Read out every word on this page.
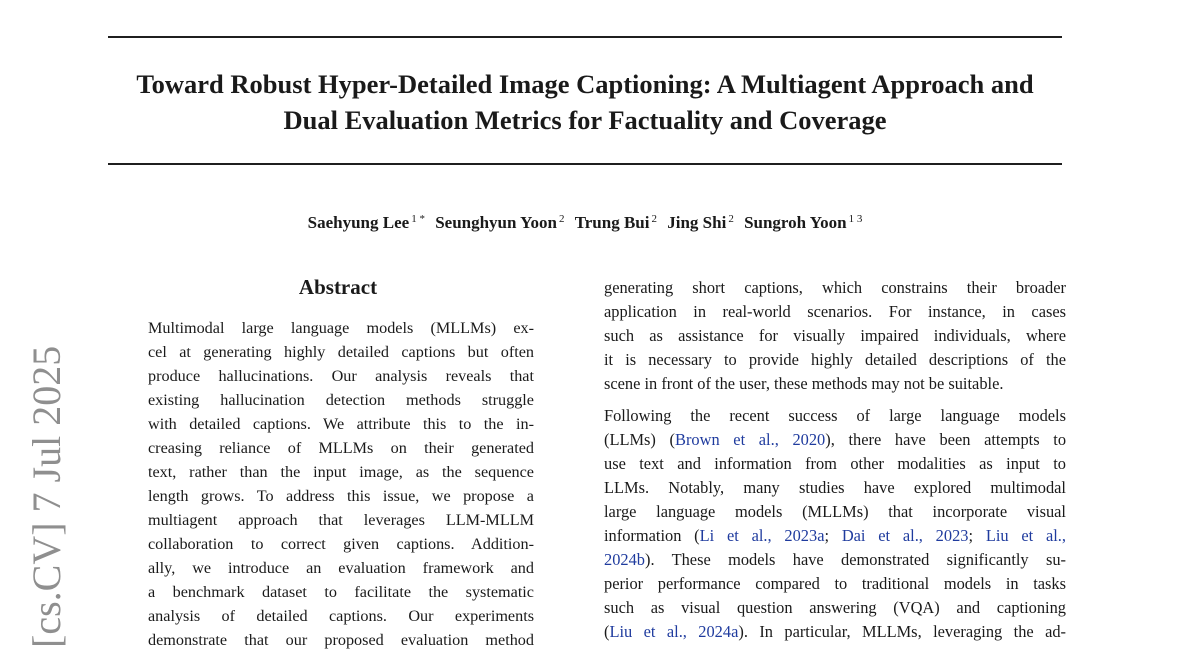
Toward Robust Hyper-Detailed Image Captioning: A Multiagent Approach and
Dual Evaluation Metrics for Factuality and Coverage
Saehyung Lee $^{1 *}$ Seunghyun Yoon $^2$ Trung Bui $^2$ Jing Shi $^2$ Sungroh Yoon $^{1 3}$
[cs.CV] 7 Jul 2025
Abstract
Multimodal large language models (MLLMs) ex-
cel at generating highly detailed captions but often
produce hallucinations. Our analysis reveals that
existing hallucination detection methods struggle
with detailed captions. We attribute this to the in-
creasing reliance of MLLMs on their generated
text, rather than the input image, as the sequence
length grows. To address this issue, we propose a
multiagent approach that leverages LLM-MLLM
collaboration to correct given captions. Addition-
ally, we introduce an evaluation framework and
a benchmark dataset to facilitate the systematic
analysis of detailed captions. Our experiments
demonstrate that our proposed evaluation method

generating short captions, which constrains their broader
application in real-world scenarios. For instance, in cases
such as assistance for visually impaired individuals, where
it is necessary to provide highly detailed descriptions of the
scene in front of the user, these methods may not be suitable.

Following the recent success of large language models
(LLMs) (Brown et al., 2020), there have been attempts to
use text and information from other modalities as input to
LLMs. Notably, many studies have explored multimodal
large language models (MLLMs) that incorporate visual
information (Li et al., 2023a; Dai et al., 2023; Liu et al.,
2024b). These models have demonstrated significantly su-
perior performance compared to traditional models in tasks
such as visual question answering (VQA) and captioning
(Liu et al., 2024a). In particular, MLLMs, leveraging the ad-
